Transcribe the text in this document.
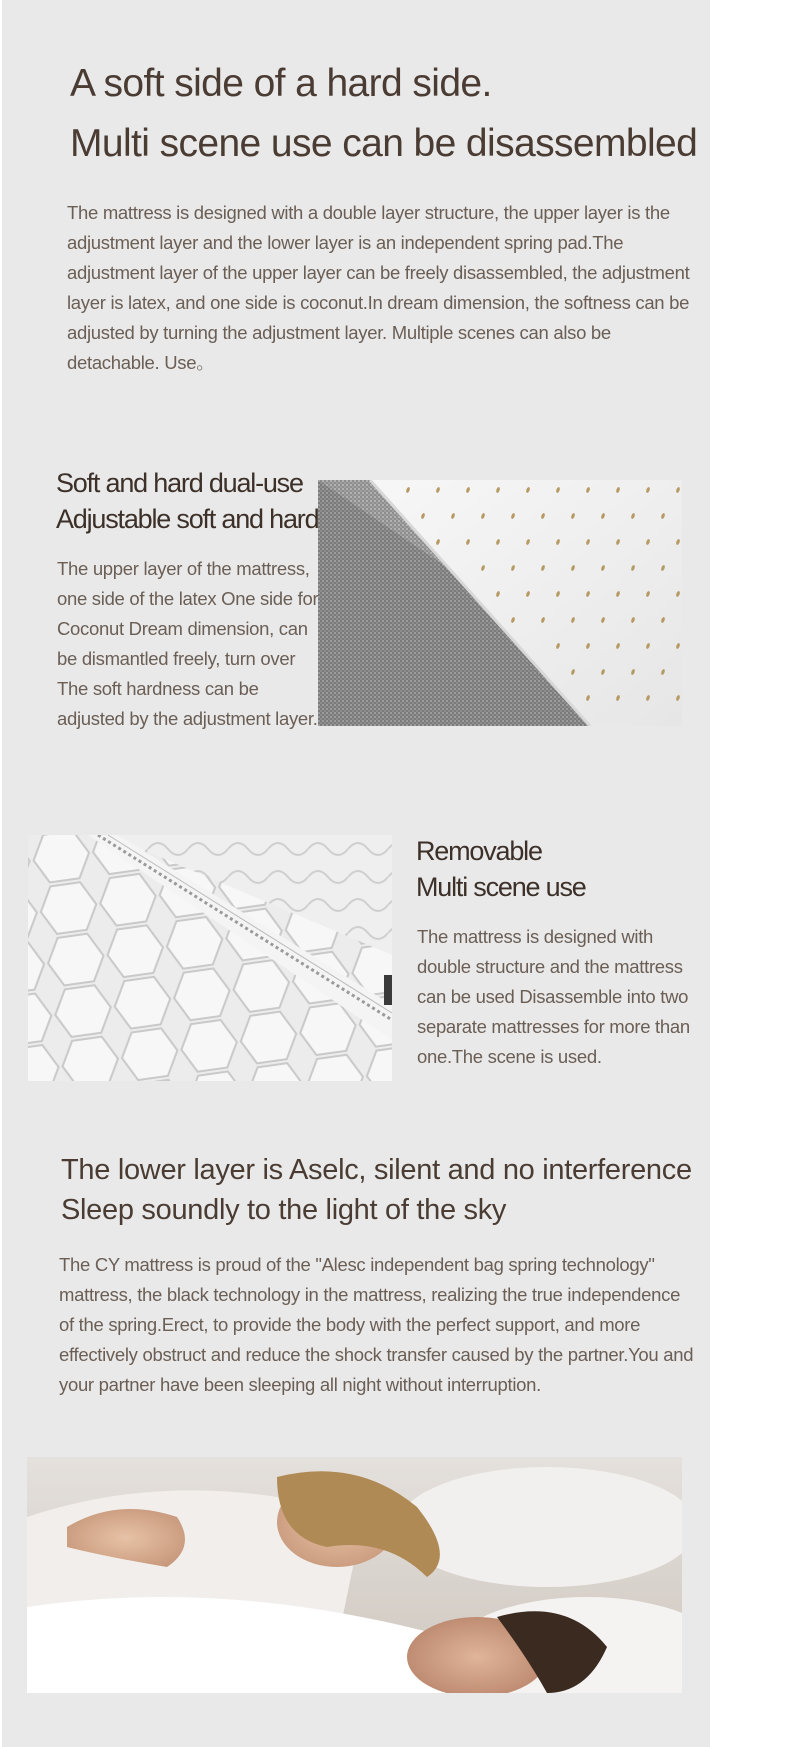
A soft side of a hard side.
Multi scene use can be disassembled
The mattress is designed with a double layer structure, the upper layer is the adjustment layer and the lower layer is an independent spring pad.The adjustment layer of the upper layer can be freely disassembled, the adjustment layer is latex, and one side is coconut.In dream dimension, the softness can be adjusted by turning the adjustment layer. Multiple scenes can also be detachable. Use。
Soft and hard dual-use
Adjustable soft and hard
The upper layer of the mattress, one side of the latex One side for Coconut Dream dimension, can be dismantled freely, turn over The soft hardness can be adjusted by the adjustment layer.
Removable
Multi scene use
The mattress is designed with double structure and the mattress can be used Disassemble into two separate mattresses for more than one.The scene is used.
The lower layer is Aselc, silent and no interference
Sleep soundly to the light of the sky
The CY mattress is proud of the "Alesc independent bag spring technology" mattress, the black technology in the mattress, realizing the true independence of the spring.Erect, to provide the body with the perfect support, and more effectively obstruct and reduce the shock transfer caused by the partner.You and your partner have been sleeping all night without interruption.
